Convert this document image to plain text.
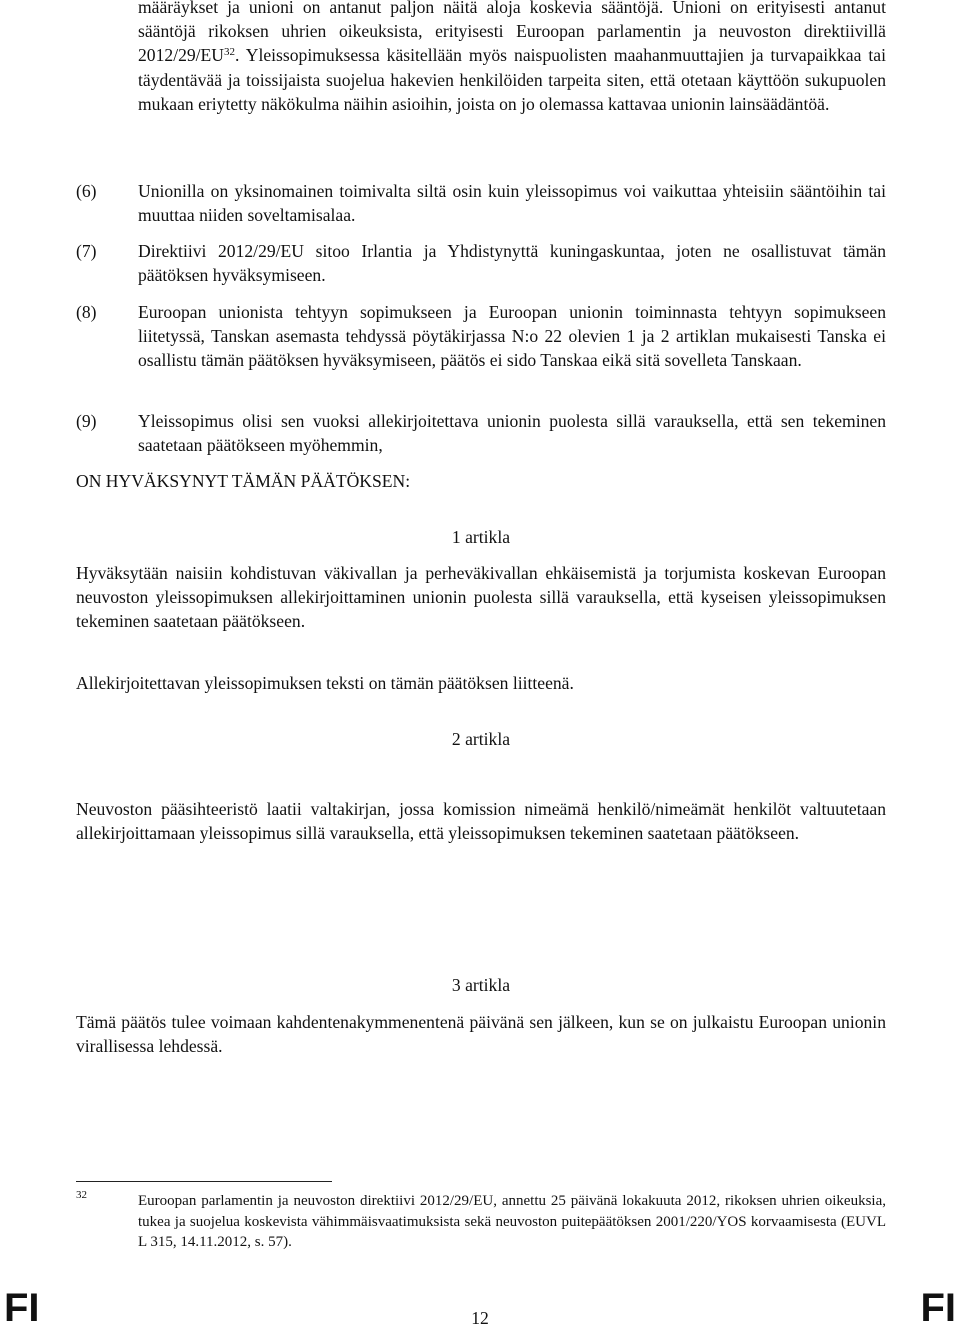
määräykset ja unioni on antanut paljon näitä aloja koskevia sääntöjä. Unioni on erityisesti antanut sääntöjä rikoksen uhrien oikeuksista, erityisesti Euroopan parlamentin ja neuvoston direktiivillä 2012/29/EU$^{32}$. Yleissopimuksessa käsitellään myös naispuolisten maahanmuuttajien ja turvapaikkaa tai täydentävää ja toissijaista suojelua hakevien henkilöiden tarpeita siten, että otetaan käyttöön sukupuolen mukaan eriytetty näkökulma näihin asioihin, joista on jo olemassa kattavaa unionin lainsäädäntöä.

(6) Unionilla on yksinomainen toimivalta siltä osin kuin yleissopimus voi vaikuttaa yhteisiin sääntöihin tai muuttaa niiden soveltamisalaa.

(7) Direktiivi 2012/29/EU sitoo Irlantia ja Yhdistynyttä kuningaskuntaa, joten ne osallistuvat tämän päätöksen hyväksymiseen.

(8) Euroopan unionista tehtyyn sopimukseen ja Euroopan unionin toiminnasta tehtyyn sopimukseen liitetyssä, Tanskan asemasta tehdyssä pöytäkirjassa N:o 22 olevien 1 ja 2 artiklan mukaisesti Tanska ei osallistu tämän päätöksen hyväksymiseen, päätös ei sido Tanskaa eikä sitä sovelleta Tanskaan.

(9) Yleissopimus olisi sen vuoksi allekirjoitettava unionin puolesta sillä varauksella, että sen tekeminen saatetaan päätökseen myöhemmin,

ON HYVÄKSYNYT TÄMÄN PÄÄTÖKSEN:
1 artikla

Hyväksytään naisiin kohdistuvan väkivallan ja perheväkivallan ehkäisemistä ja torjumista koskevan Euroopan neuvoston yleissopimuksen allekirjoittaminen unionin puolesta sillä varauksella, että kyseisen yleissopimuksen tekeminen saatetaan päätökseen.

Allekirjoitettavan yleissopimuksen teksti on tämän päätöksen liitteenä.

2 artikla

Neuvoston pääsihteeristö laatii valtakirjan, jossa komission nimeämä henkilö/nimeämät henkilöt valtuutetaan allekirjoittamaan yleissopimus sillä varauksella, että yleissopimuksen tekeminen saatetaan päätökseen.

3 artikla

Tämä päätös tulee voimaan kahdentenakymmenentenä päivänä sen jälkeen, kun se on julkaistu Euroopan unionin virallisessa lehdessä.

32	Euroopan parlamentin ja neuvoston direktiivi 2012/29/EU, annettu 25 päivänä lokakuuta 2012, rikoksen uhrien oikeuksia, tukea ja suojelua koskevista vähimmäisvaatimuksista sekä neuvoston puitepäätöksen 2001/220/YOS korvaamisesta (EUVL L 315, 14.11.2012, s. 57).

FI	12	FI
